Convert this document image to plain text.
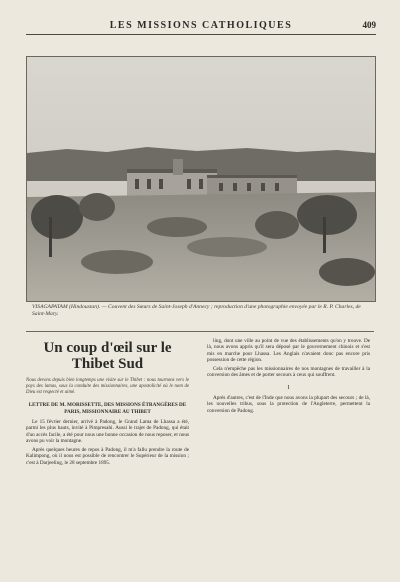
LES MISSIONS CATHOLIQUES	409
VISAGAPATAM (Hindoustan). — Couvent des Sœurs de Saint-Joseph d'Annecy ; reproduction d'une photographie envoyée par le R. P. Charles, de Saint-Mary.
Un coup d'œil sur le Thibet Sud
Nous devons depuis bien longtemps une visite sur le Thibet : nous tournons vers le pays des lamas, sous la conduite des missionnaires, une apostolicité où le nom de Dieu est respecté et aimé.
LETTRE DE M. MORISSETTE, DES MISSIONS ÉTRANGÈRES DE PARIS, MISSIONNAIRE AU THIBET

Le 15 février dernier, arrivé à Padong, le Grand Lama de Lhassa a été, parmi les plus hauts, invité à Pimpresahi. Aussi le trajet de Padong, qui était d'un accès facile, a été pour nous une bonne occasion de nous reposer, et nous avons pu voir la montagne.

Après quelques heures de repos à Padong, il m'a fallu prendre la route de Kalimpong, où il nous est possible de rencontrer le Supérieur de la mission ; c'est à Darjeeling, le 28 septembre 1895.

ling, dont une ville au point de vue des établissements qu'on y trouve. De là, nous avons appris qu'il sera déposé par le gouvernement chinois et s'est mis en marche pour Lhassa. Les Anglais n'avaient donc pas encore pris possession de cette région.

Cela n'empêche pas les missionnaires de nos montagnes de travailler à la conversion des âmes et de porter secours à ceux qui souffrent.

I

Après d'autres, c'est de l'Inde que nous avons la plupart des secours ; de là, les nouvelles tribus, sous la protection de l'Angleterre, permettent la conversion de Padong.
